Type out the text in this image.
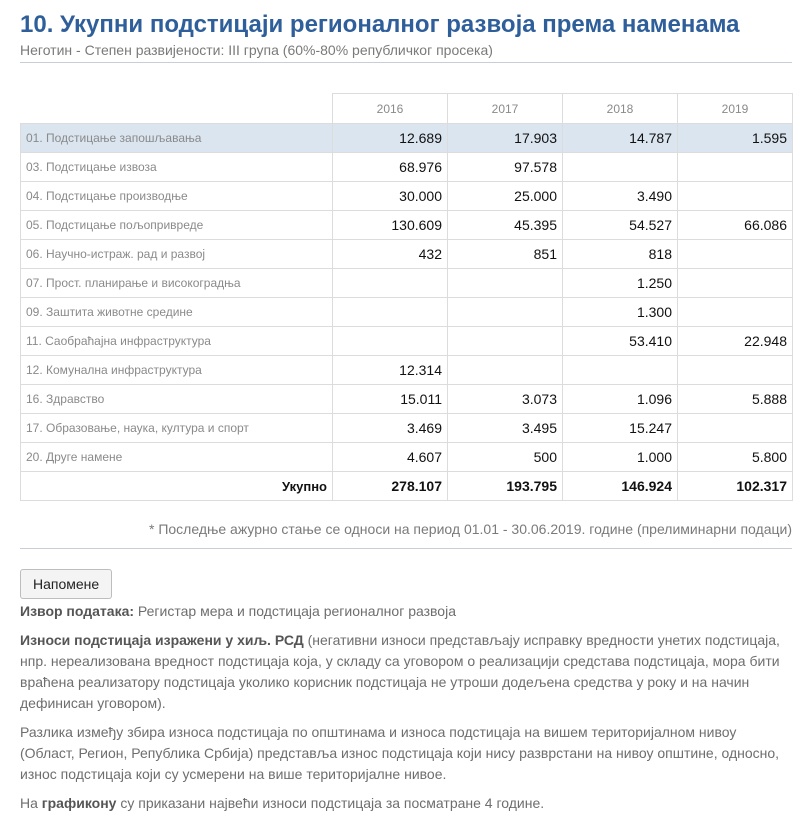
10. Укупни подстицаји регионалног развоја према наменама
Неготин - Степен развијености: III група (60%-80% републичког просека)
	2016	2017	2018	2019
01. Подстицање запошљавања	12.689	17.903	14.787	1.595
03. Подстицање извоза	68.976	97.578		
04. Подстицање производње	30.000	25.000	3.490	
05. Подстицање пољопривреде	130.609	45.395	54.527	66.086
06. Научно-истраж. рад и развој	432	851	818	
07. Прост. планирање и високоградња			1.250	
09. Заштита животне средине			1.300	
11. Саобраћајна инфраструктура			53.410	22.948
12. Комунална инфраструктура	12.314			
16. Здравство	15.011	3.073	1.096	5.888
17. Образовање, наука, култура и спорт	3.469	3.495	15.247	
20. Друге намене	4.607	500	1.000	5.800
Укупно	278.107	193.795	146.924	102.317
* Последње ажурно стање се односи на период 01.01 - 30.06.2019. године (прелиминарни подаци)
Напомене

Извор података: Регистар мера и подстицаја регионалног развоја

Износи подстицаја изражени у хиљ. РСД (негативни износи представљају исправку вредности унетих подстицаја, нпр. нереализована вредност подстицаја која, у складу са уговором о реализацији средстава подстицаја, мора бити враћена реализатору подстицаја уколико корисник подстицаја не утроши додељена средства у року и на начин дефинисан уговором).

Разлика између збира износа подстицаја по општинама и износа подстицаја на вишем територијалном нивоу (Област, Регион, Република Србија) представља износ подстицаја који нису разврстани на нивоу општине, односно, износ подстицаја који су усмерени на више територијалне нивое.

На графикону су приказани највећи износи подстицаја за посматране 4 године.
